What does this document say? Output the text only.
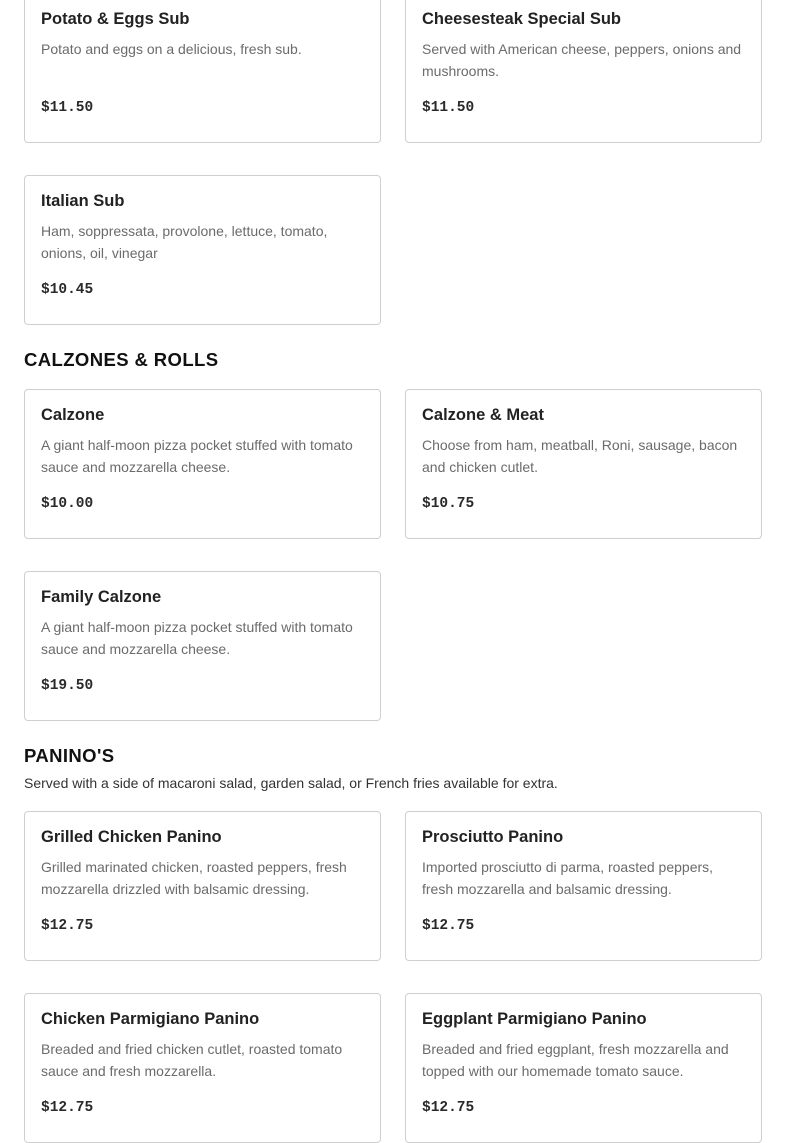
Potato & Eggs Sub
Potato and eggs on a delicious, fresh sub.
$11.50
Cheesesteak Special Sub
Served with American cheese, peppers, onions and mushrooms.
$11.50
Italian Sub
Ham, soppressata, provolone, lettuce, tomato, onions, oil, vinegar
$10.45
CALZONES & ROLLS
Calzone
A giant half-moon pizza pocket stuffed with tomato sauce and mozzarella cheese.
$10.00
Calzone & Meat
Choose from ham, meatball, Roni, sausage, bacon and chicken cutlet.
$10.75
Family Calzone
A giant half-moon pizza pocket stuffed with tomato sauce and mozzarella cheese.
$19.50
PANINO'S
Served with a side of macaroni salad, garden salad, or French fries available for extra.
Grilled Chicken Panino
Grilled marinated chicken, roasted peppers, fresh mozzarella drizzled with balsamic dressing.
$12.75
Prosciutto Panino
Imported prosciutto di parma, roasted peppers, fresh mozzarella and balsamic dressing.
$12.75
Chicken Parmigiano Panino
Breaded and fried chicken cutlet, roasted tomato sauce and fresh mozzarella.
$12.75
Eggplant Parmigiano Panino
Breaded and fried eggplant, fresh mozzarella and topped with our homemade tomato sauce.
$12.75
